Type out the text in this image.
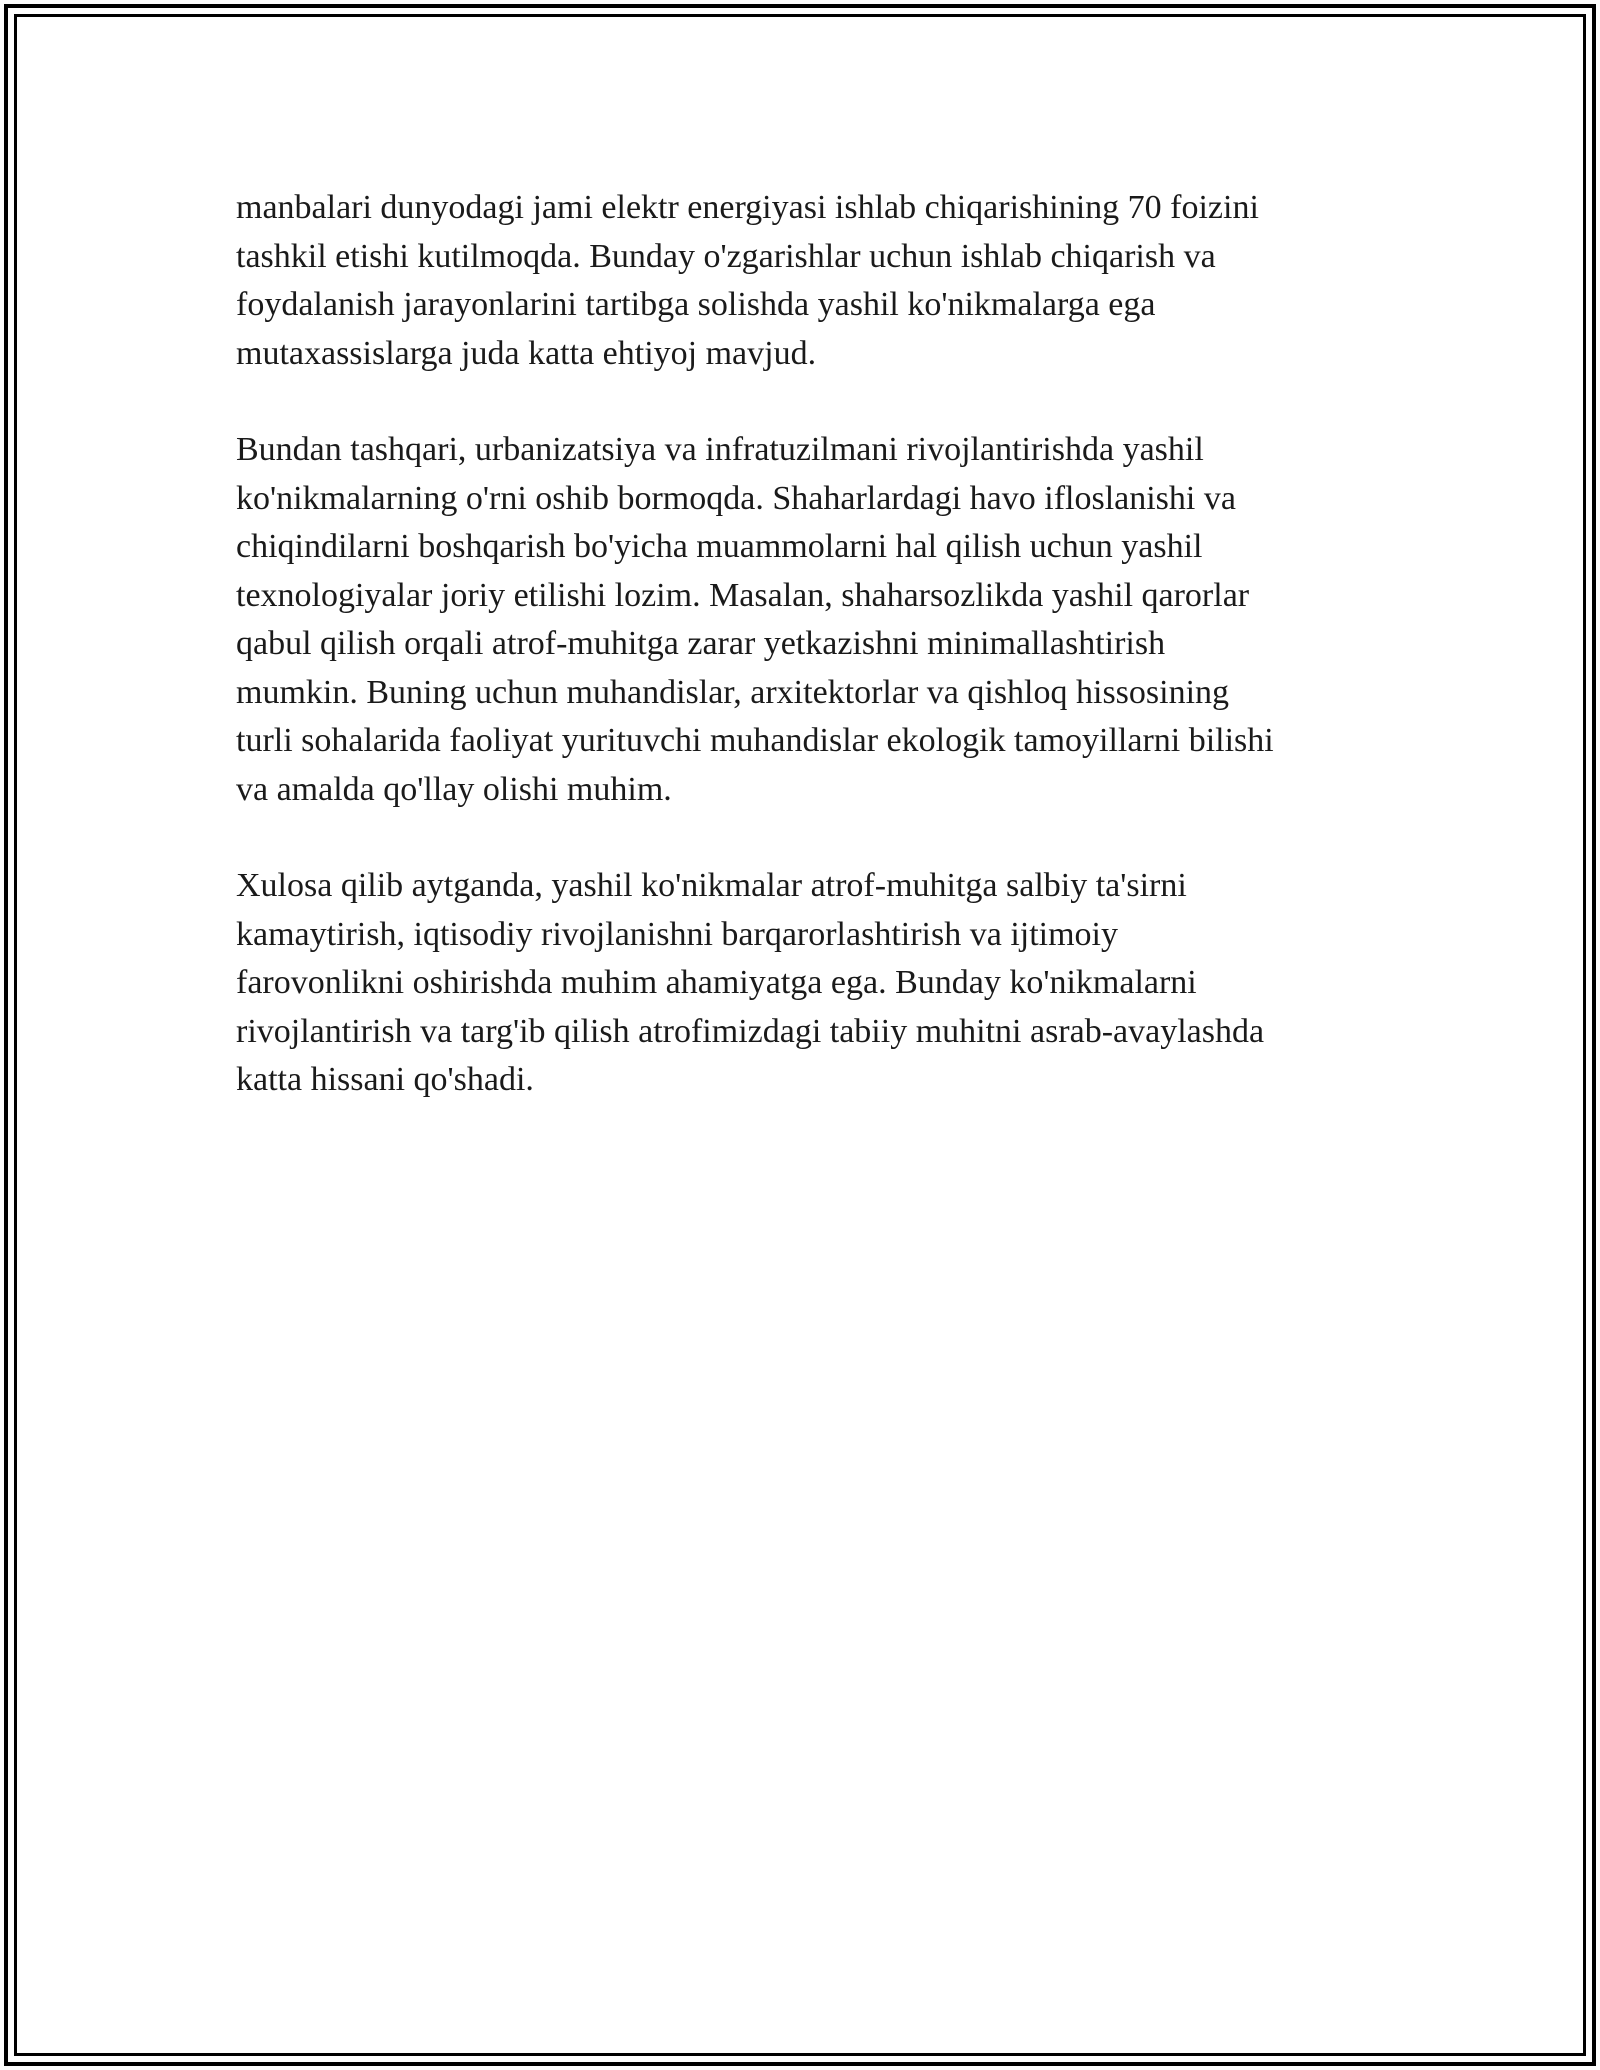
manbalari dunyodagi jami elektr energiyasi ishlab chiqarishining 70 foizini
tashkil etishi kutilmoqda. Bunday o'zgarishlar uchun ishlab chiqarish va
foydalanish jarayonlarini tartibga solishda yashil ko'nikmalarga ega
mutaxassislarga juda katta ehtiyoj mavjud.

Bundan tashqari, urbanizatsiya va infratuzilmani rivojlantirishda yashil
ko'nikmalarning o'rni oshib bormoqda. Shaharlardagi havo ifloslanishi va
chiqindilarni boshqarish bo'yicha muammolarni hal qilish uchun yashil
texnologiyalar joriy etilishi lozim. Masalan, shaharsozlikda yashil qarorlar
qabul qilish orqali atrof-muhitga zarar yetkazishni minimallashtirish
mumkin. Buning uchun muhandislar, arxitektorlar va qishloq hissosining
turli sohalarida faoliyat yurituvchi muhandislar ekologik tamoyillarni bilishi
va amalda qo'llay olishi muhim.

Xulosa qilib aytganda, yashil ko'nikmalar atrof-muhitga salbiy ta'sirni
kamaytirish, iqtisodiy rivojlanishni barqarorlashtirish va ijtimoiy
farovonlikni oshirishda muhim ahamiyatga ega. Bunday ko'nikmalarni
rivojlantirish va targ'ib qilish atrofimizdagi tabiiy muhitni asrab-avaylashda
katta hissani qo'shadi.
